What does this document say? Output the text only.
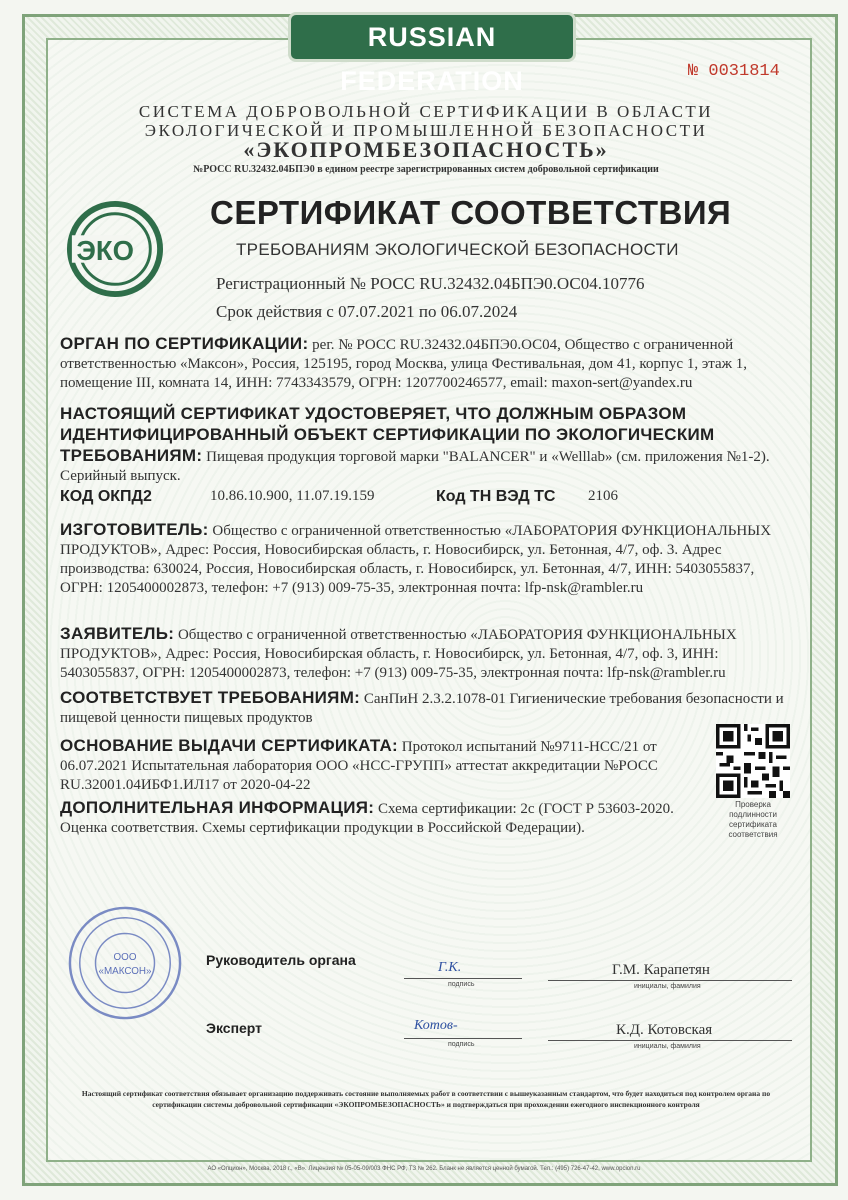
RUSSIAN FEDERATION	№ 0031814
СИСТЕМА ДОБРОВОЛЬНОЙ СЕРТИФИКАЦИИ В ОБЛАСТИ
ЭКОЛОГИЧЕСКОЙ И ПРОМЫШЛЕННОЙ БЕЗОПАСНОСТИ
«ЭКОПРОМБЕЗОПАСНОСТЬ»
№РОСС RU.32432.04БПЭ0 в едином реестре зарегистрированных систем добровольной сертификации
ЭКО
СЕРТИФИКАТ СООТВЕТСТВИЯ
ТРЕБОВАНИЯМ ЭКОЛОГИЧЕСКОЙ БЕЗОПАСНОСТИ
Регистрационный № РОСС RU.32432.04БПЭ0.ОС04.10776
Срок действия с 07.07.2021 по 06.07.2024
ОРГАН ПО СЕРТИФИКАЦИИ: рег. № РОСС RU.32432.04БПЭ0.ОС04, Общество с ограниченной ответственностью «Максон», Россия, 125195, город Москва, улица Фестивальная, дом 41, корпус 1, этаж 1, помещение III, комната 14, ИНН: 7743343579, ОГРН: 1207700246577, email: maxon-sert@yandex.ru
НАСТОЯЩИЙ СЕРТИФИКАТ УДОСТОВЕРЯЕТ, ЧТО ДОЛЖНЫМ ОБРАЗОМ ИДЕНТИФИЦИРОВАННЫЙ ОБЪЕКТ СЕРТИФИКАЦИИ ПО ЭКОЛОГИЧЕСКИМ ТРЕБОВАНИЯМ: Пищевая продукция торговой марки "BALANCER" и «Welllab» (см. приложения №1-2). Серийный выпуск.
КОД ОКПД2	10.86.10.900, 11.07.19.159	Код ТН ВЭД ТС 2106
ИЗГОТОВИТЕЛЬ: Общество с ограниченной ответственностью «ЛАБОРАТОРИЯ ФУНКЦИОНАЛЬНЫХ ПРОДУКТОВ», Адрес: Россия, Новосибирская область, г. Новосибирск, ул. Бетонная, 4/7, оф. 3. Адрес производства: 630024, Россия, Новосибирская область, г. Новосибирск, ул. Бетонная, 4/7, ИНН: 5403055837, ОГРН: 1205400002873, телефон: +7 (913) 009-75-35, электронная почта: lfp-nsk@rambler.ru
ЗАЯВИТЕЛЬ: Общество с ограниченной ответственностью «ЛАБОРАТОРИЯ ФУНКЦИОНАЛЬНЫХ ПРОДУКТОВ», Адрес: Россия, Новосибирская область, г. Новосибирск, ул. Бетонная, 4/7, оф. 3, ИНН: 5403055837, ОГРН: 1205400002873, телефон: +7 (913) 009-75-35, электронная почта: lfp-nsk@rambler.ru
СООТВЕТСТВУЕТ ТРЕБОВАНИЯМ: СанПиН 2.3.2.1078-01 Гигиенические требования безопасности и пищевой ценности пищевых продуктов
ОСНОВАНИЕ ВЫДАЧИ СЕРТИФИКАТА: Протокол испытаний №9711-НСС/21 от 06.07.2021 Испытательная лаборатория ООО «НСС-ГРУПП» аттестат аккредитации №РОСС RU.32001.04ИБФ1.ИЛ17 от 2020-04-22
ДОПОЛНИТЕЛЬНАЯ ИНФОРМАЦИЯ: Схема сертификации: 2с (ГОСТ Р 53603-2020. Оценка соответствия. Схемы сертификации продукции в Российской Федерации).
Проверка подлинности сертификата соответствия
ООО
«МАКСОН»
Руководитель органа	Г.К.
подпись
Г.М. Карапетян
инициалы, фамилия
Эксперт	Котов-
подпись
К.Д. Котовская
инициалы, фамилия
Настоящий сертификат соответствия обязывает организацию поддерживать состояние выполняемых работ в соответствии с вышеуказанным стандартом, что будет находиться под контролем органа по сертификации системы добровольной сертификации «ЭКОПРОМБЕЗОПАСНОСТЬ» и подтверждаться при прохождении ежегодного инспекционного контроля
АО «Опцион», Москва, 2018 г., «В». Лицензия № 05-05-09/003 ФНС РФ, ТЗ № 262. Бланк не является ценной бумагой. Тел.: (495) 726-47-42, www.opcion.ru
